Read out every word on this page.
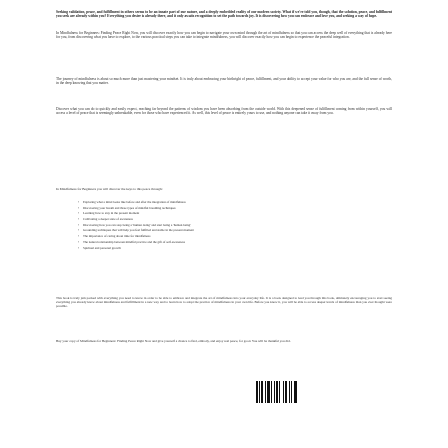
Seeking validation, peace, and fulfillment in others seems to be an innate part of our nature, and a deeply embedded reality of our modern society. What if we're told you, though, that the solution, peace, and fulfillment you seek are already within you? Everything you desire is already there, and it only awaits recognition to set the path towards joy. It is discovering how you can embrace and love you, and seeking a way of hope.

In Mindfulness for Beginners: Finding Peace Right Now, you will discover exactly how you can begin to navigate your own mind through the art of mindfulness so that you can access the deep well of everything that is already here for you, from discovering what you have to explore, to the various practical steps you can take to integrate mindfulness, you will discover exactly how you can begin to experience the peaceful integration.

The journey of mindfulness is about so much more than just mastering your mindset. It is truly about embracing your birthright of peace, fulfillment, and your ability to accept your value for who you are, and the full sense of worth, in the deep knowing that you matter.

Discover what you can do to quickly and easily expect, reaching far beyond the patterns of wisdom you have been absorbing from the outside world. With this deepened sense of fulfillment coming from within yourself, you will access a level of peace that is seemingly unbreakable, even for those who have experienced it. As well, this level of peace is entirely yours to use, and nothing anyone can take it away from you.

In Mindfulness for Beginners you will discover the keys to this peace through:

• Exploring what a mind looks like before and after the integration of mindfulness
• Discovering your breath and three types of mindful breathing techniques
• Learning how to stay in the present moment
• Cultivating a deeper state of awareness
• Discovering how you can stop being a 'human doing' and start being a 'human being'
• Grounding techniques that will help you feel fulfilled and stable in the present moment
• The importance of caring about time for mindfulness
• The natural relationship between mindful practice and the gift of self-awareness
• Spiritual and personal growth

This book is truly jam packed with everything you need to know in order to be able to embrace and integrate the art of mindfulness into your everyday life. It is a book designed to lead you through this book, ultimately encouraging you to start seeing everything you already know about mindfulness and fulfillment in a new way and to learn how to adopt the practice of mindfulness in your own life. Before you know it, you will be able to access deeper levels of mindfulness than you ever thought were possible.

Buy your copy of Mindfulness for Beginners: Finding Peace Right Now and give yourself a chance to find, embody, and enjoy real peace, for good. You will be thankful you did.
